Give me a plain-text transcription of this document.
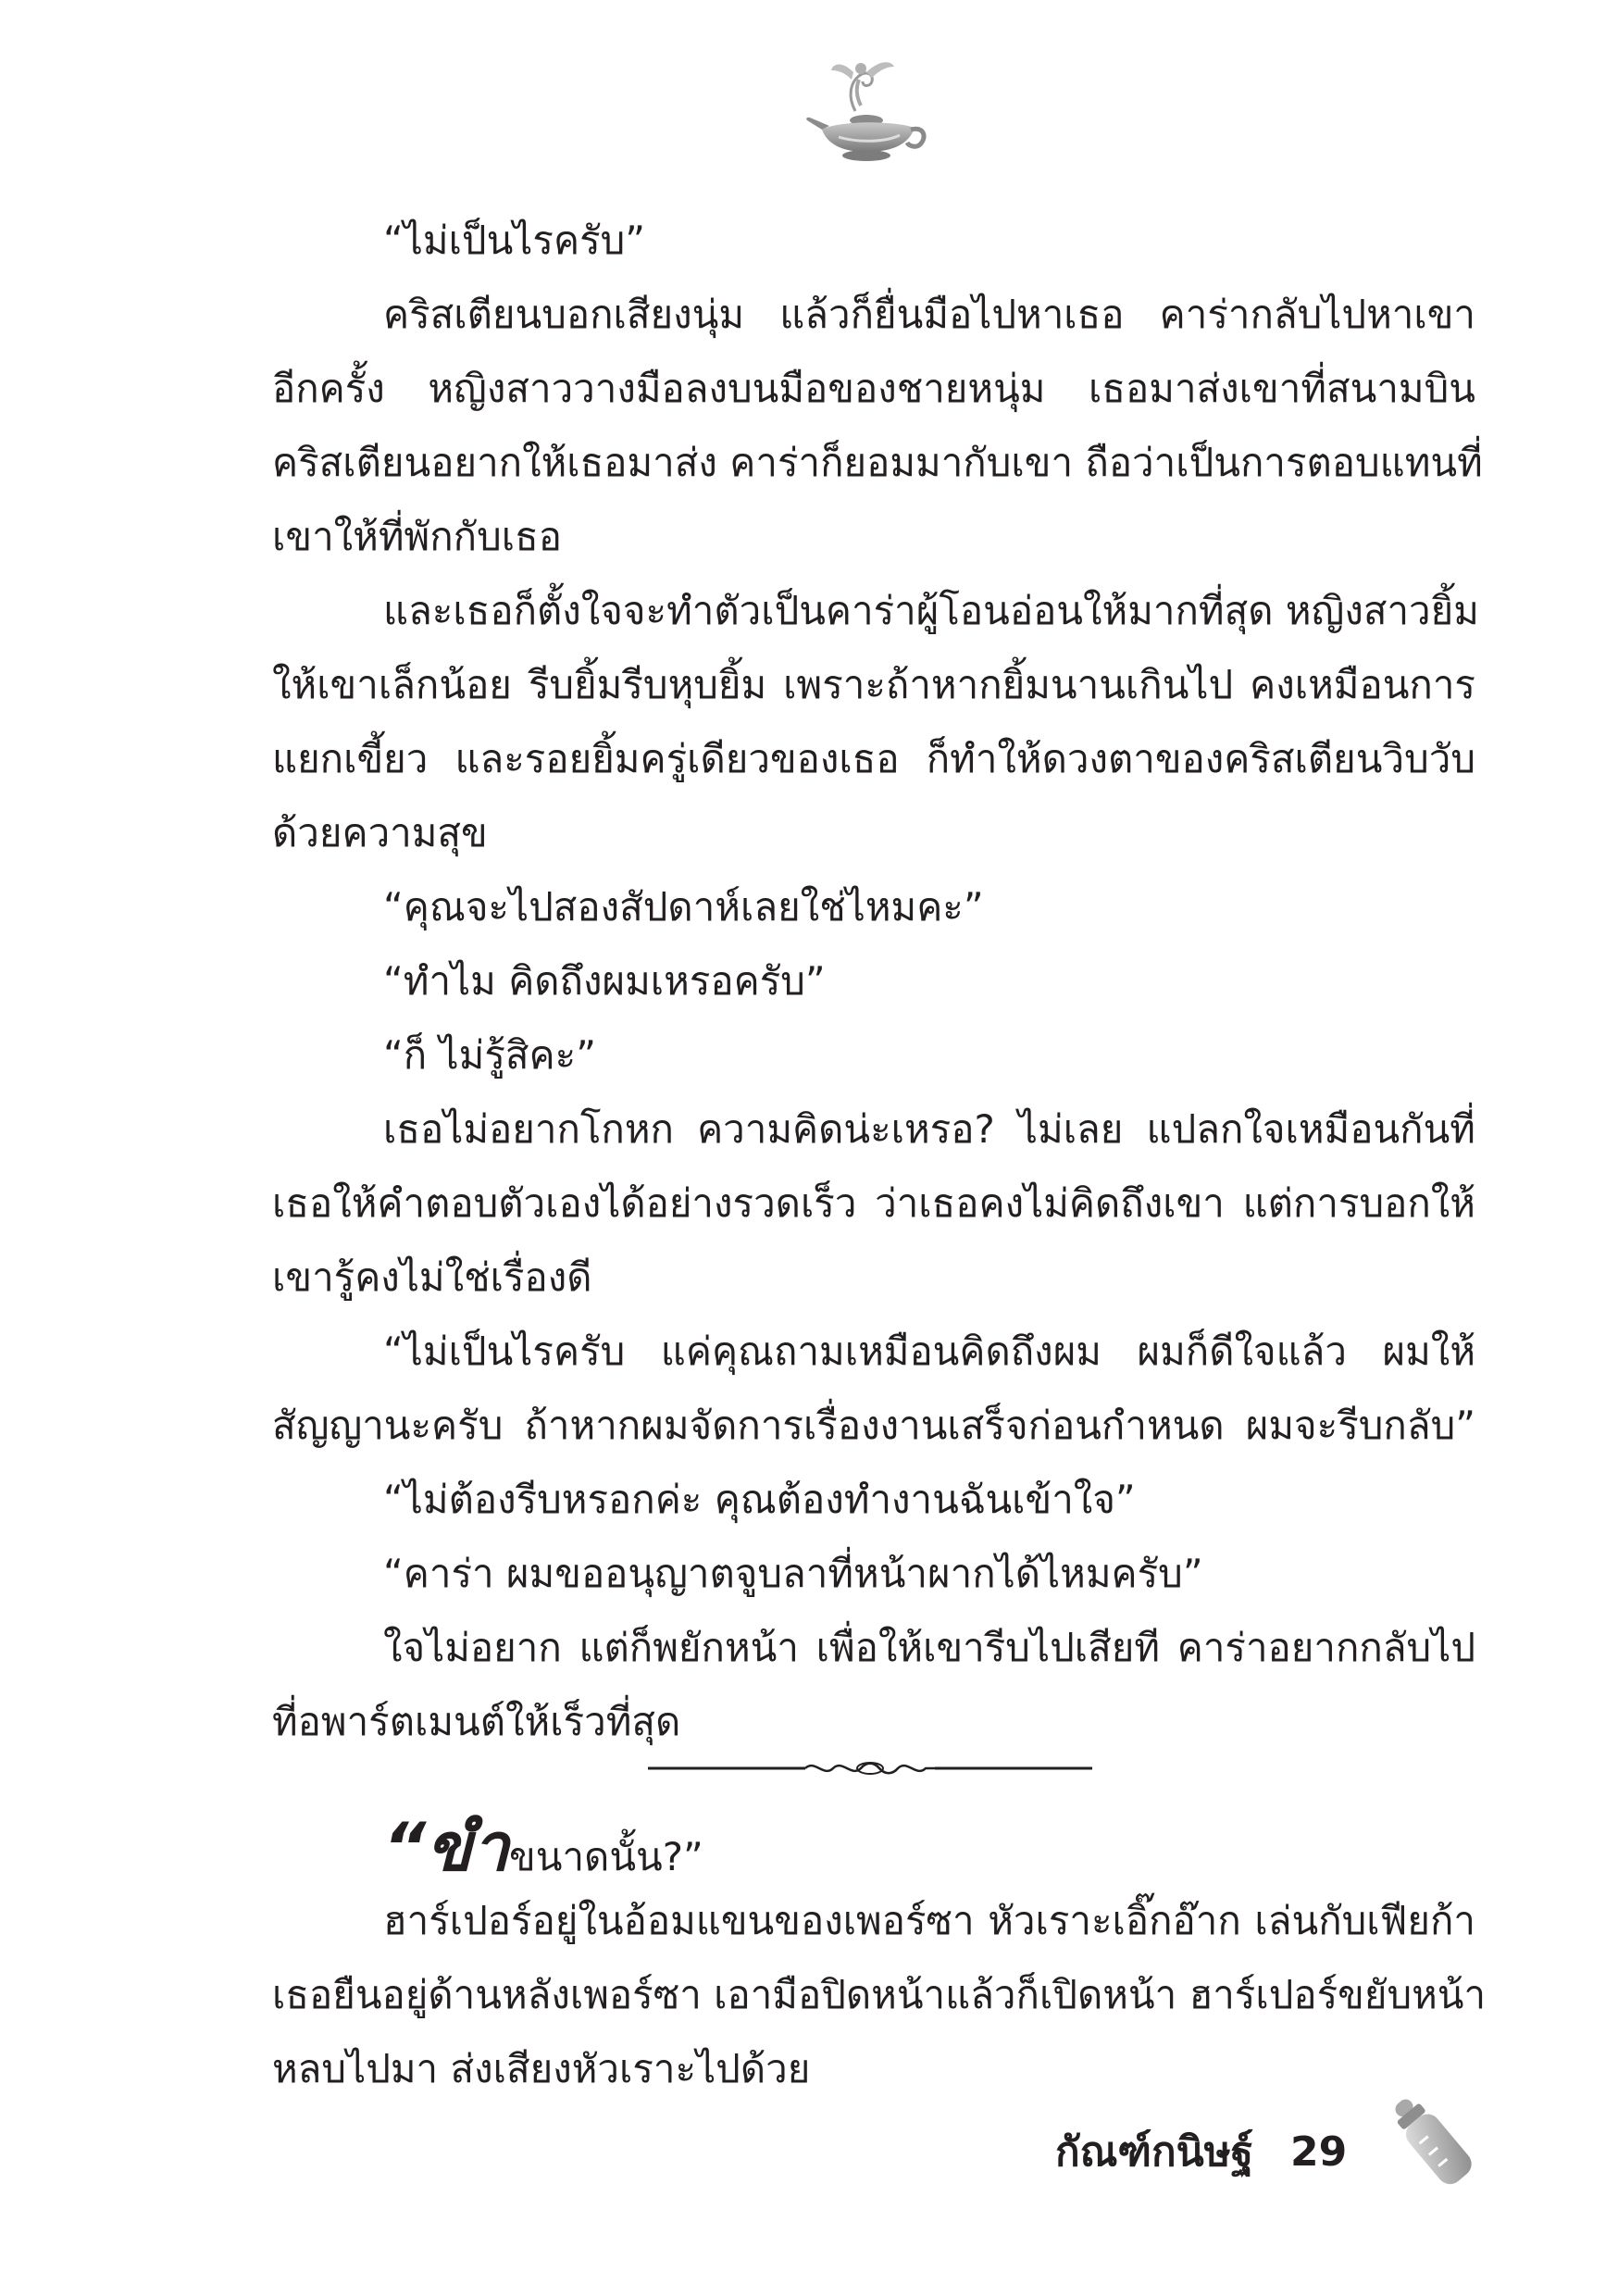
“ไม่เป็นไรครับ”
คริสเตียนบอกเสียงนุ่ม แล้วก็ยื่นมือไปหาเธอ คาร่ากลับไปหาเขา
อีกครั้ง หญิงสาววางมือลงบนมือของชายหนุ่ม เธอมาส่งเขาที่สนามบิน
คริสเตียนอยากให้เธอมาส่ง คาร่าก็ยอมมากับเขา ถือว่าเป็นการตอบแทนที่
เขาให้ที่พักกับเธอ
และเธอก็ตั้งใจจะทำตัวเป็นคาร่าผู้โอนอ่อนให้มากที่สุด หญิงสาวยิ้ม
ให้เขาเล็กน้อย รีบยิ้มรีบหุบยิ้ม เพราะถ้าหากยิ้มนานเกินไป คงเหมือนการ
แยกเขี้ยว และรอยยิ้มครู่เดียวของเธอ ก็ทำให้ดวงตาของคริสเตียนวิบวับ
ด้วยความสุข
“คุณจะไปสองสัปดาห์เลยใช่ไหมคะ”
“ทำไม คิดถึงผมเหรอครับ”
“ก็ ไม่รู้สิคะ”
เธอไม่อยากโกหก ความคิดน่ะเหรอ? ไม่เลย แปลกใจเหมือนกันที่
เธอให้คำตอบตัวเองได้อย่างรวดเร็ว ว่าเธอคงไม่คิดถึงเขา แต่การบอกให้
เขารู้คงไม่ใช่เรื่องดี
“ไม่เป็นไรครับ แค่คุณถามเหมือนคิดถึงผม ผมก็ดีใจแล้ว ผมให้
สัญญานะครับ ถ้าหากผมจัดการเรื่องงานเสร็จก่อนกำหนด ผมจะรีบกลับ”
“ไม่ต้องรีบหรอกค่ะ คุณต้องทำงานฉันเข้าใจ”
“คาร่า ผมขออนุญาตจูบลาที่หน้าผากได้ไหมครับ”
ใจไม่อยาก แต่ก็พยักหน้า เพื่อให้เขารีบไปเสียที คาร่าอยากกลับไป
ที่อพาร์ตเมนต์ให้เร็วที่สุด
“ขำขนาดนั้น?”
ฮาร์เปอร์อยู่ในอ้อมแขนของเพอร์ซา หัวเราะเอิ๊กอ๊าก เล่นกับเฟียก้า
เธอยืนอยู่ด้านหลังเพอร์ซา เอามือปิดหน้าแล้วก็เปิดหน้า ฮาร์เปอร์ขยับหน้า
หลบไปมา ส่งเสียงหัวเราะไปด้วย
กัณฑ์กนิษฐ์ 29
